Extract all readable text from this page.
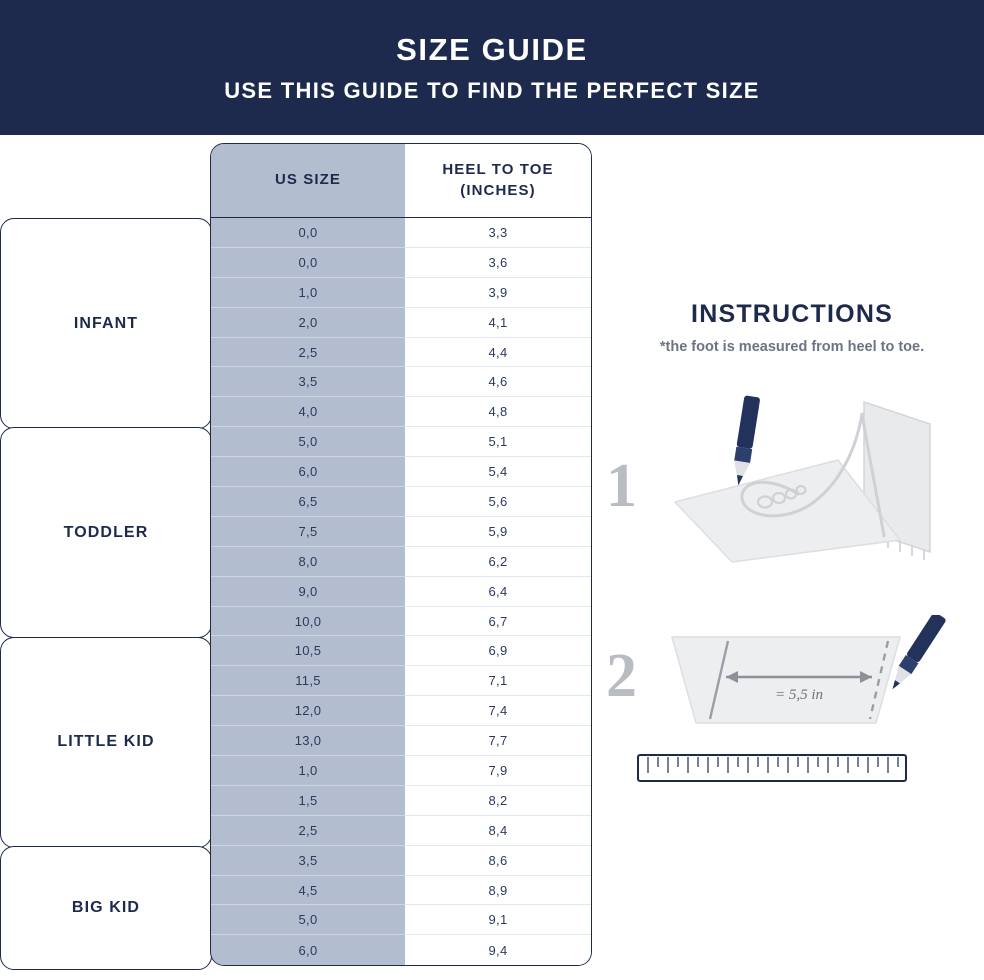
SIZE GUIDE
USE THIS GUIDE TO FIND THE PERFECT SIZE
INFANT
TODDLER
LITTLE KID
BIG KID
US SIZE
HEEL TO TOE
(INCHES)
0,0	3,3
0,0	3,6
1,0	3,9
2,0	4,1
2,5	4,4
3,5	4,6
4,0	4,8
5,0	5,1
6,0	5,4
6,5	5,6
7,5	5,9
8,0	6,2
9,0	6,4
10,0	6,7
10,5	6,9
11,5	7,1
12,0	7,4
13,0	7,7
1,0	7,9
1,5	8,2
2,5	8,4
3,5	8,6
4,5	8,9
5,0	9,1
6,0	9,4
INSTRUCTIONS

*the foot is measured from heel to toe.

1
2	= 5,5 in
